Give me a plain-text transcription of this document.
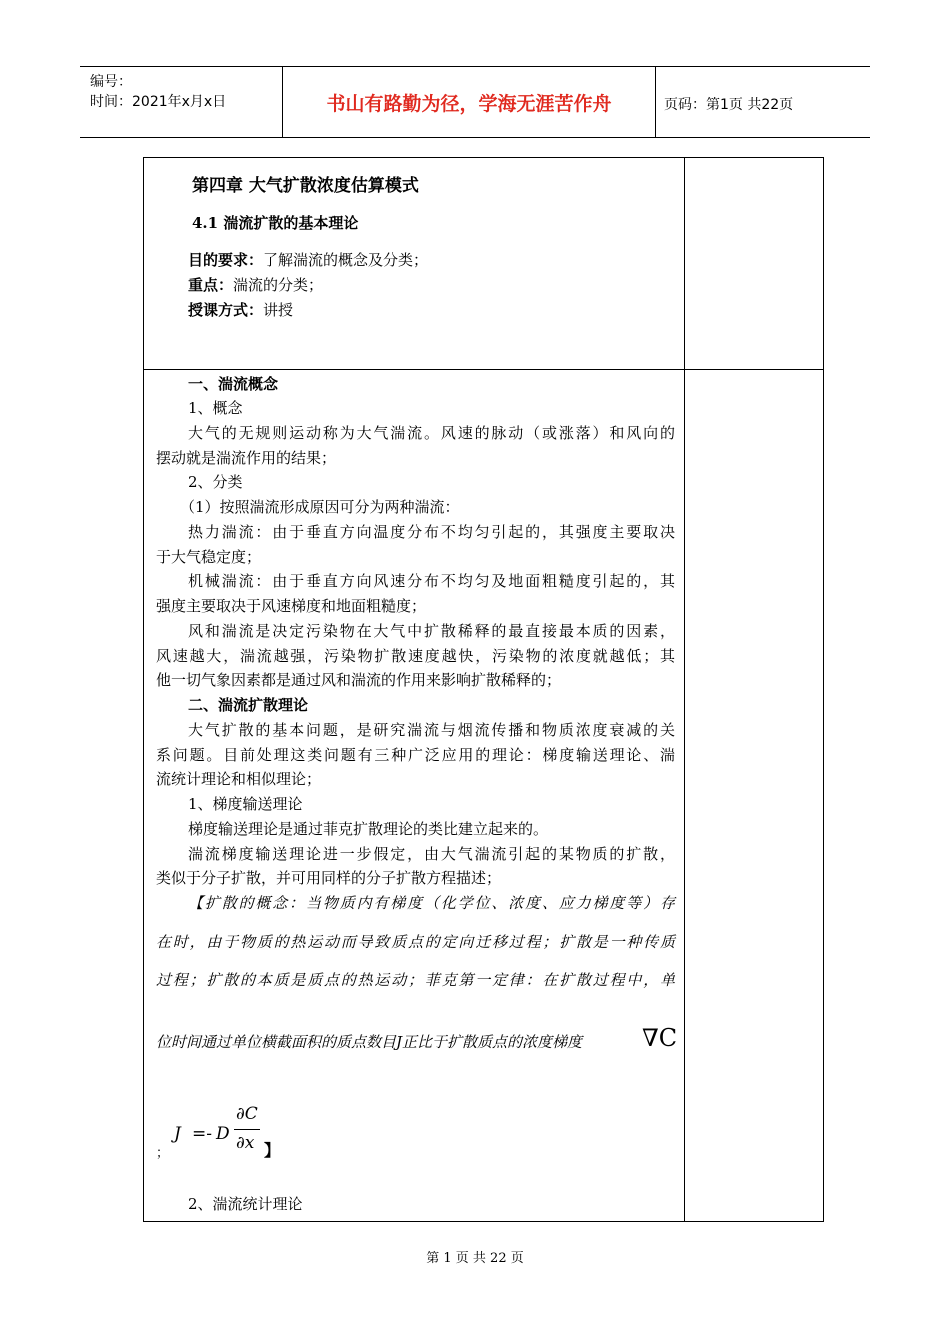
编号：
时间：2021年x月x日	书山有路勤为径，学海无涯苦作舟	页码：第1页 共22页
第四章 大气扩散浓度估算模式
4.1 湍流扩散的基本理论
目的要求：了解湍流的概念及分类；
重点：湍流的分类；
授课方式：讲授
一、湍流概念
1、概念
大气的无规则运动称为大气湍流。风速的脉动（或涨落）和风向的
摆动就是湍流作用的结果；
2、分类
（1）按照湍流形成原因可分为两种湍流：
热力湍流：由于垂直方向温度分布不均匀引起的，其强度主要取决
于大气稳定度；
机械湍流：由于垂直方向风速分布不均匀及地面粗糙度引起的，其
强度主要取决于风速梯度和地面粗糙度；
风和湍流是决定污染物在大气中扩散稀释的最直接最本质的因素，
风速越大，湍流越强，污染物扩散速度越快，污染物的浓度就越低；其
他一切气象因素都是通过风和湍流的作用来影响扩散稀释的；
二、湍流扩散理论
大气扩散的基本问题，是研究湍流与烟流传播和物质浓度衰减的关
系问题。目前处理这类问题有三种广泛应用的理论：梯度输送理论、湍
流统计理论和相似理论；
1、梯度输送理论
梯度输送理论是通过菲克扩散理论的类比建立起来的。
湍流梯度输送理论进一步假定，由大气湍流引起的某物质的扩散，
类似于分子扩散，并可用同样的分子扩散方程描述；
【扩散的概念：当物质内有梯度（化学位、浓度、应力梯度等）存
在时，由于物质的热运动而导致质点的定向迁移过程；扩散是一种传质
过程；扩散的本质是质点的热运动；菲克第一定律：在扩散过程中，单
位时间通过单位横截面积的质点数目J正比于扩散质点的浓度梯度 ∇C
J =- D
∂C
∂x
；	】
2、湍流统计理论
第 1 页 共 22 页
